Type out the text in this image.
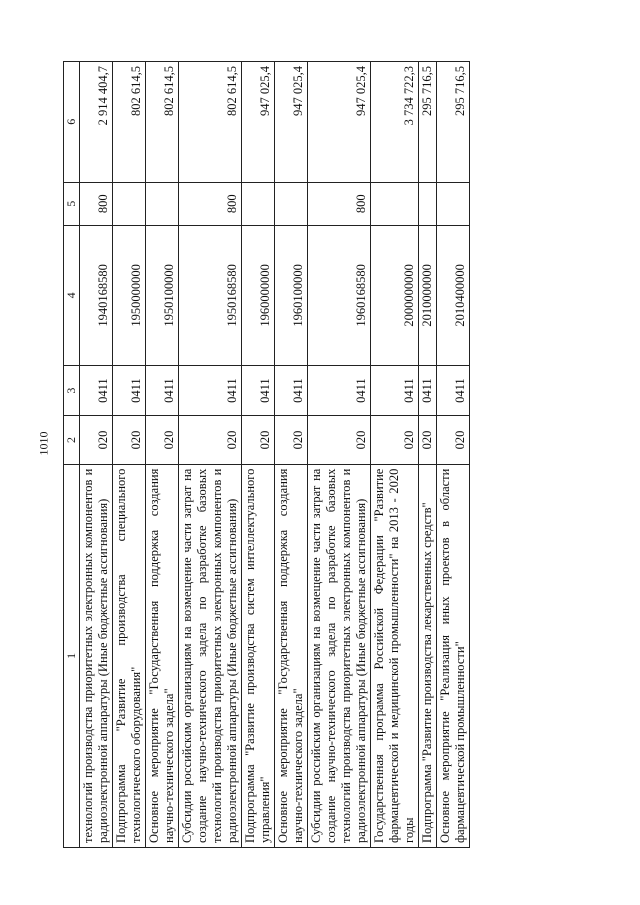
1010
1	2	3	4	5	6
технологий производства приоритетных электронных компонентов и радиоэлектронной аппаратуры (Иные бюджетные ассигнования)	020	0411	1940168580	800	2 914 404,7
Подпрограмма "Развитие производства специального технологического оборудования"	020	0411	1950000000		802 614,5
Основное мероприятие "Государственная поддержка создания научно-технического задела"	020	0411	1950100000		802 614,5
Субсидии российским организациям на возмещение части затрат на создание научно-технического задела по разработке базовых технологий производства приоритетных электронных компонентов и радиоэлектронной аппаратуры (Иные бюджетные ассигнования)	020	0411	1950168580	800	802 614,5
Подпрограмма "Развитие производства систем интеллектуального управления"	020	0411	1960000000		947 025,4
Основное мероприятие "Государственная поддержка создания научно-технического задела"	020	0411	1960100000		947 025,4
Субсидии российским организациям на возмещение части затрат на создание научно-технического задела по разработке базовых технологий производства приоритетных электронных компонентов и радиоэлектронной аппаратуры (Иные бюджетные ассигнования)	020	0411	1960168580	800	947 025,4
Государственная программа Российской Федерации "Развитие фармацевтической и медицинской промышленности" на 2013 - 2020 годы	020	0411	2000000000		3 734 722,3
Подпрограмма "Развитие производства лекарственных средств"	020	0411	2010000000		295 716,5
Основное мероприятие "Реализация иных проектов в области фармацевтической промышленности"	020	0411	2010400000		295 716,5
